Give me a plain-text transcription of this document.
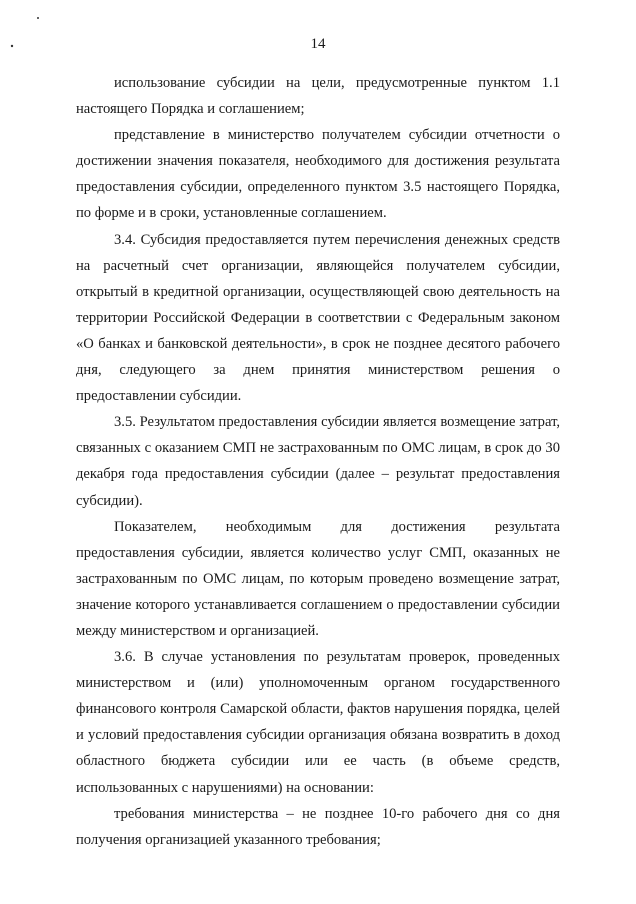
14

использование субсидии на цели, предусмотренные пунктом 1.1 настоящего Порядка и соглашением;

представление в министерство получателем субсидии отчетности о достижении значения показателя, необходимого для достижения результата предоставления субсидии, определенного пунктом 3.5 настоящего Порядка, по форме и в сроки, установленные соглашением.

3.4. Субсидия предоставляется путем перечисления денежных средств на расчетный счет организации, являющейся получателем субсидии, открытый в кредитной организации, осуществляющей свою деятельность на территории Российской Федерации в соответствии с Федеральным законом «О банках и банковской деятельности», в срок не позднее десятого рабочего дня, следующего за днем принятия министерством решения о предоставлении субсидии.

3.5. Результатом предоставления субсидии является возмещение затрат, связанных с оказанием СМП не застрахованным по ОМС лицам, в срок до 30 декабря года предоставления субсидии (далее – результат предоставления субсидии).

Показателем, необходимым для достижения результата предоставления субсидии, является количество услуг СМП, оказанных не застрахованным по ОМС лицам, по которым проведено возмещение затрат, значение которого устанавливается соглашением о предоставлении субсидии между министерством и организацией.

3.6. В случае установления по результатам проверок, проведенных министерством и (или) уполномоченным органом государственного финансового контроля Самарской области, фактов нарушения порядка, целей и условий предоставления субсидии организация обязана возвратить в доход областного бюджета субсидии или ее часть (в объеме средств, использованных с нарушениями) на основании:

требования министерства – не позднее 10-го рабочего дня со дня получения организацией указанного требования;
